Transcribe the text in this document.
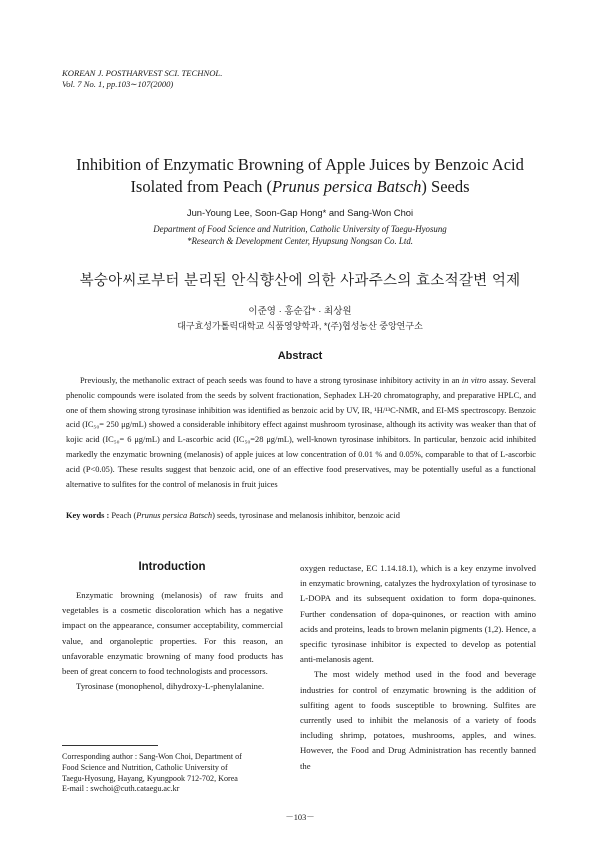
KOREAN J. POSTHARVEST SCI. TECHNOL.
Vol. 7 No. 1, pp.103∼107(2000)
Inhibition of Enzymatic Browning of Apple Juices by Benzoic Acid
Isolated from Peach (Prunus persica Batsch) Seeds
Jun-Young Lee, Soon-Gap Hong* and Sang-Won Choi
Department of Food Science and Nutrition, Catholic University of Taegu-Hyosung
*Research & Development Center, Hyupsung Nongsan Co. Ltd.
복숭아씨로부터 분리된 안식향산에 의한 사과주스의 효소적갈변 억제
이준영 · 홍순갑* · 최상원
대구효성가톨릭대학교 식품영양학과, *(주)협성농산 중앙연구소
Abstract

Previously, the methanolic extract of peach seeds was found to have a strong tyrosinase inhibitory activity in an in vitro assay. Several phenolic compounds were isolated from the seeds by solvent fractionation, Sephadex LH-20 chromatography, and preparative HPLC, and one of them showing strong tyrosinase inhibition was identified as benzoic acid by UV, IR, ¹H/¹³C-NMR, and EI-MS spectroscopy. Benzoic acid (IC₅₀= 250 μg/mL) showed a considerable inhibitory effect against mushroom tyrosinase, although its activity was weaker than that of kojic acid (IC₅₀= 6 μg/mL) and L-ascorbic acid (IC₅₀=28 μg/mL), well-known tyrosinase inhibitors. In particular, benzoic acid inhibited markedly the enzymatic browning (melanosis) of apple juices at low concentration of 0.01 % and 0.05%, comparable to that of L-ascorbic acid (P<0.05). These results suggest that benzoic acid, one of an effective food preservatives, may be potentially useful as a functional alternative to sulfites for the control of melanosis in fruit juices

Key words : Peach (Prunus persica Batsch) seeds, tyrosinase and melanosis inhibitor, benzoic acid
Introduction

Enzymatic browning (melanosis) of raw fruits and vegetables is a cosmetic discoloration which has a negative impact on the appearance, consumer acceptability, commercial value, and organoleptic properties. For this reason, an unfavorable enzymatic browning of many food products has been of great concern to food technologists and processors.

Tyrosinase (monophenol, dihydroxy-L-phenylalanine.

oxygen reductase, EC 1.14.18.1), which is a key enzyme involved in enzymatic browning, catalyzes the hydroxylation of tyrosinase to L-DOPA and its subsequent oxidation to form dopa-quinones. Further condensation of dopa-quinones, or reaction with amino acids and proteins, leads to brown melanin pigments (1,2). Hence, a specific tyrosinase inhibitor is expected to develop as potential anti-melanosis agent.

The most widely method used in the food and beverage industries for control of enzymatic browning is the addition of sulfiting agent to foods susceptible to browning. Sulfites are currently used to inhibit the melanosis of a variety of foods including shrimp, potatoes, mushrooms, apples, and wines. However, the Food and Drug Administration has recently banned the

Corresponding author : Sang-Won Choi, Department of
Food Science and Nutrition, Catholic University of
Taegu-Hyosung, Hayang, Kyungpook 712-702, Korea
E-mail : swchoi@cuth.cataegu.ac.kr
－103－
